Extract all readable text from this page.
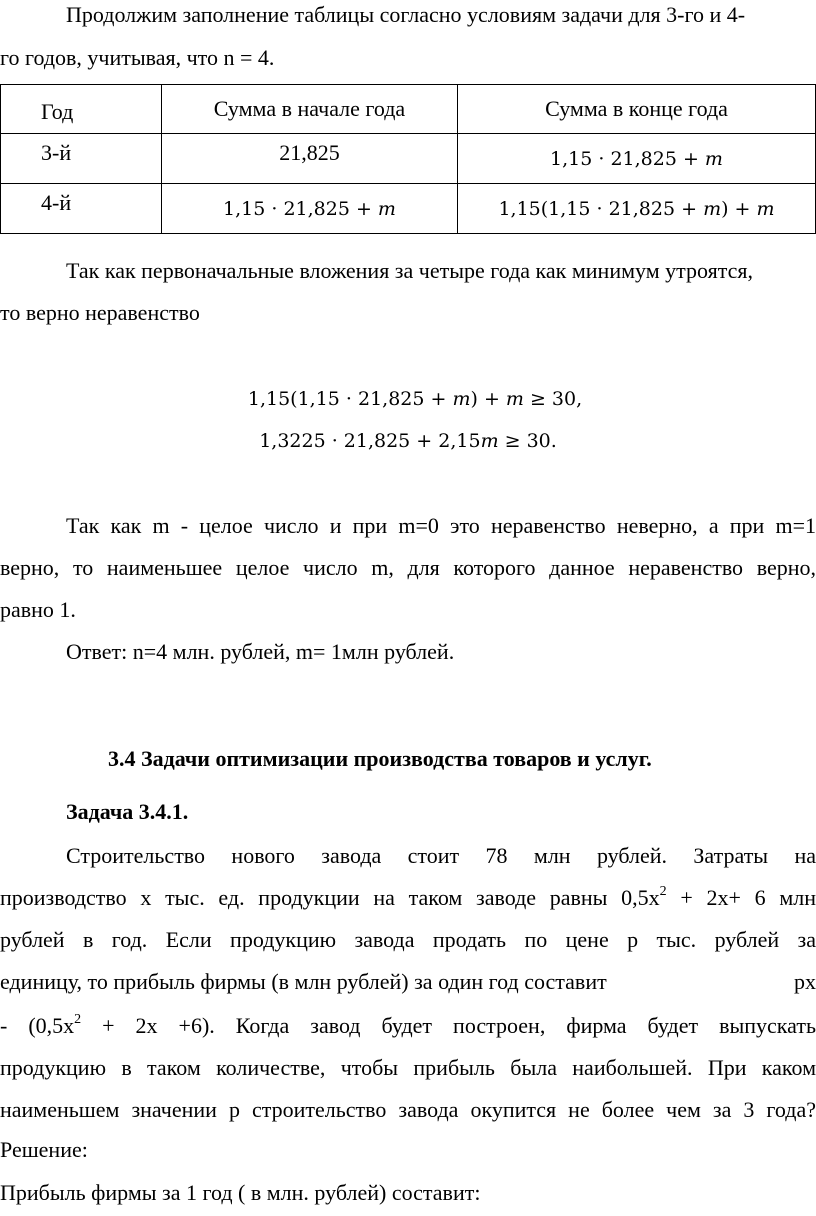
Продолжим заполнение таблицы согласно условиям задачи для 3-го и 4-
го годов, учитывая, что n = 4.
Год	Сумма в начале года	Сумма в конце года
3-й	21,825	1,15 · 21,825 + 𝑚
4-й	1,15 · 21,825 + 𝑚	1,15(1,15 · 21,825 + 𝑚) + 𝑚
Так как первоначальные вложения за четыре года как минимум утроятся,
то верно неравенство
1,15(1,15 · 21,825 + 𝑚) + 𝑚 ≥ 30,
1,3225 · 21,825 + 2,15𝑚 ≥ 30.
Так как m - целое число и при m=0 это неравенство неверно, а при m=1
верно, то наименьшее целое число m, для которого данное неравенство верно,
равно 1.
Ответ: n=4 млн. рублей, m= 1млн рублей.
3.4 Задачи оптимизации производства товаров и услуг.
Задача 3.4.1.
Строительство нового завода стоит 78 млн рублей. Затраты на
производство х тыс. ед. продукции на таком заводе равны $0,5х^2 + 2х+ 6$ млн
рублей в год. Если продукцию завода продать по цене р тыс. рублей за
единицу, то прибыль фирмы (в млн рублей) за один год составит	рх
- $(0,5х^2 + 2х +6)$. Когда завод будет построен, фирма будет выпускать
продукцию в таком количестве, чтобы прибыль была наибольшей. При каком
наименьшем значении р строительство завода окупится не более чем за 3 года?
Решение:
Прибыль фирмы за 1 год ( в млн. рублей) составит:
